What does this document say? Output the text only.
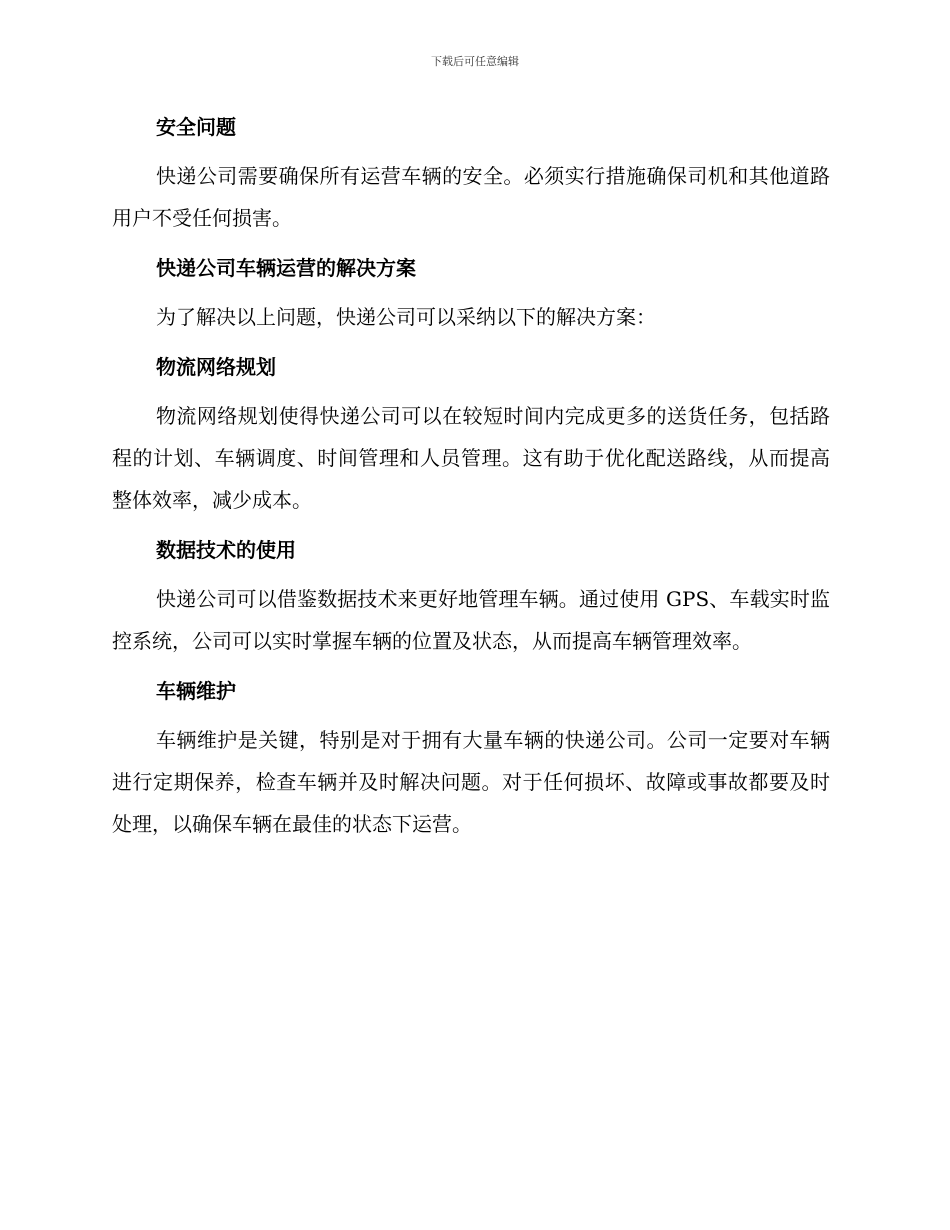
下载后可任意编辑
安全问题

快递公司需要确保所有运营车辆的安全。必须实行措施确保司机和其他道路用户不受任何损害。

快递公司车辆运营的解决方案

为了解决以上问题，快递公司可以采纳以下的解决方案：

物流网络规划

物流网络规划使得快递公司可以在较短时间内完成更多的送货任务，包括路程的计划、车辆调度、时间管理和人员管理。这有助于优化配送路线，从而提高整体效率，减少成本。

数据技术的使用

快递公司可以借鉴数据技术来更好地管理车辆。通过使用 GPS、车载实时监控系统，公司可以实时掌握车辆的位置及状态，从而提高车辆管理效率。

车辆维护

车辆维护是关键，特别是对于拥有大量车辆的快递公司。公司一定要对车辆进行定期保养，检查车辆并及时解决问题。对于任何损坏、故障或事故都要及时处理，以确保车辆在最佳的状态下运营。
